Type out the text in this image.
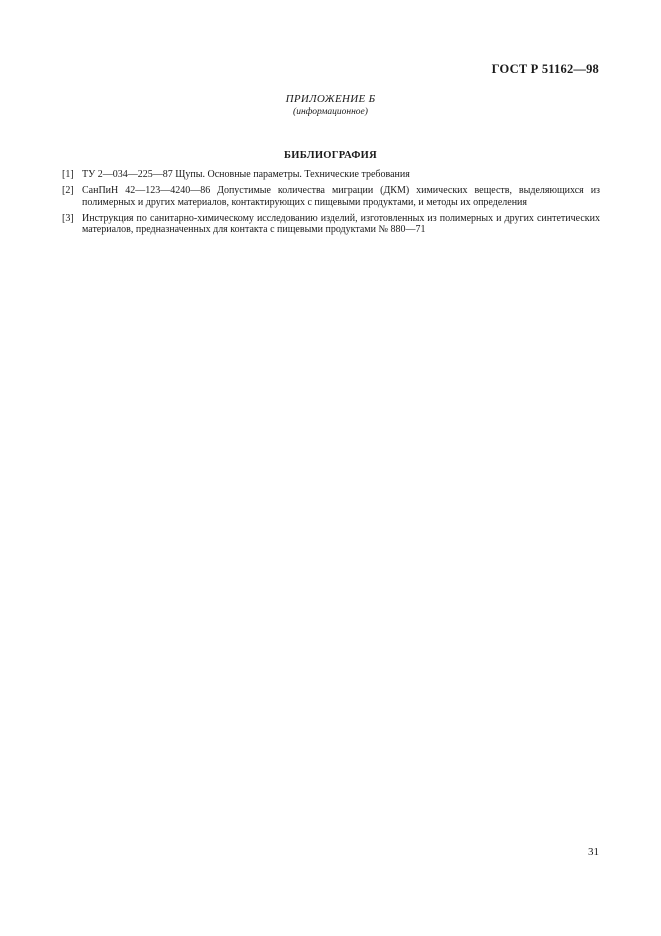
ГОСТ Р 51162—98
ПРИЛОЖЕНИЕ Б
(информационное)
БИБЛИОГРАФИЯ
[1] ТУ 2—034—225—87 Щупы. Основные параметры. Технические требования
[2] СанПиН 42—123—4240—86 Допустимые количества миграции (ДКМ) химических веществ, выделяющихся из полимерных и других материалов, контактирующих с пищевыми продуктами, и методы их определения
[3] Инструкция по санитарно-химическому исследованию изделий, изготовленных из полимерных и других синтетических материалов, предназначенных для контакта с пищевыми продуктами № 880—71
31
